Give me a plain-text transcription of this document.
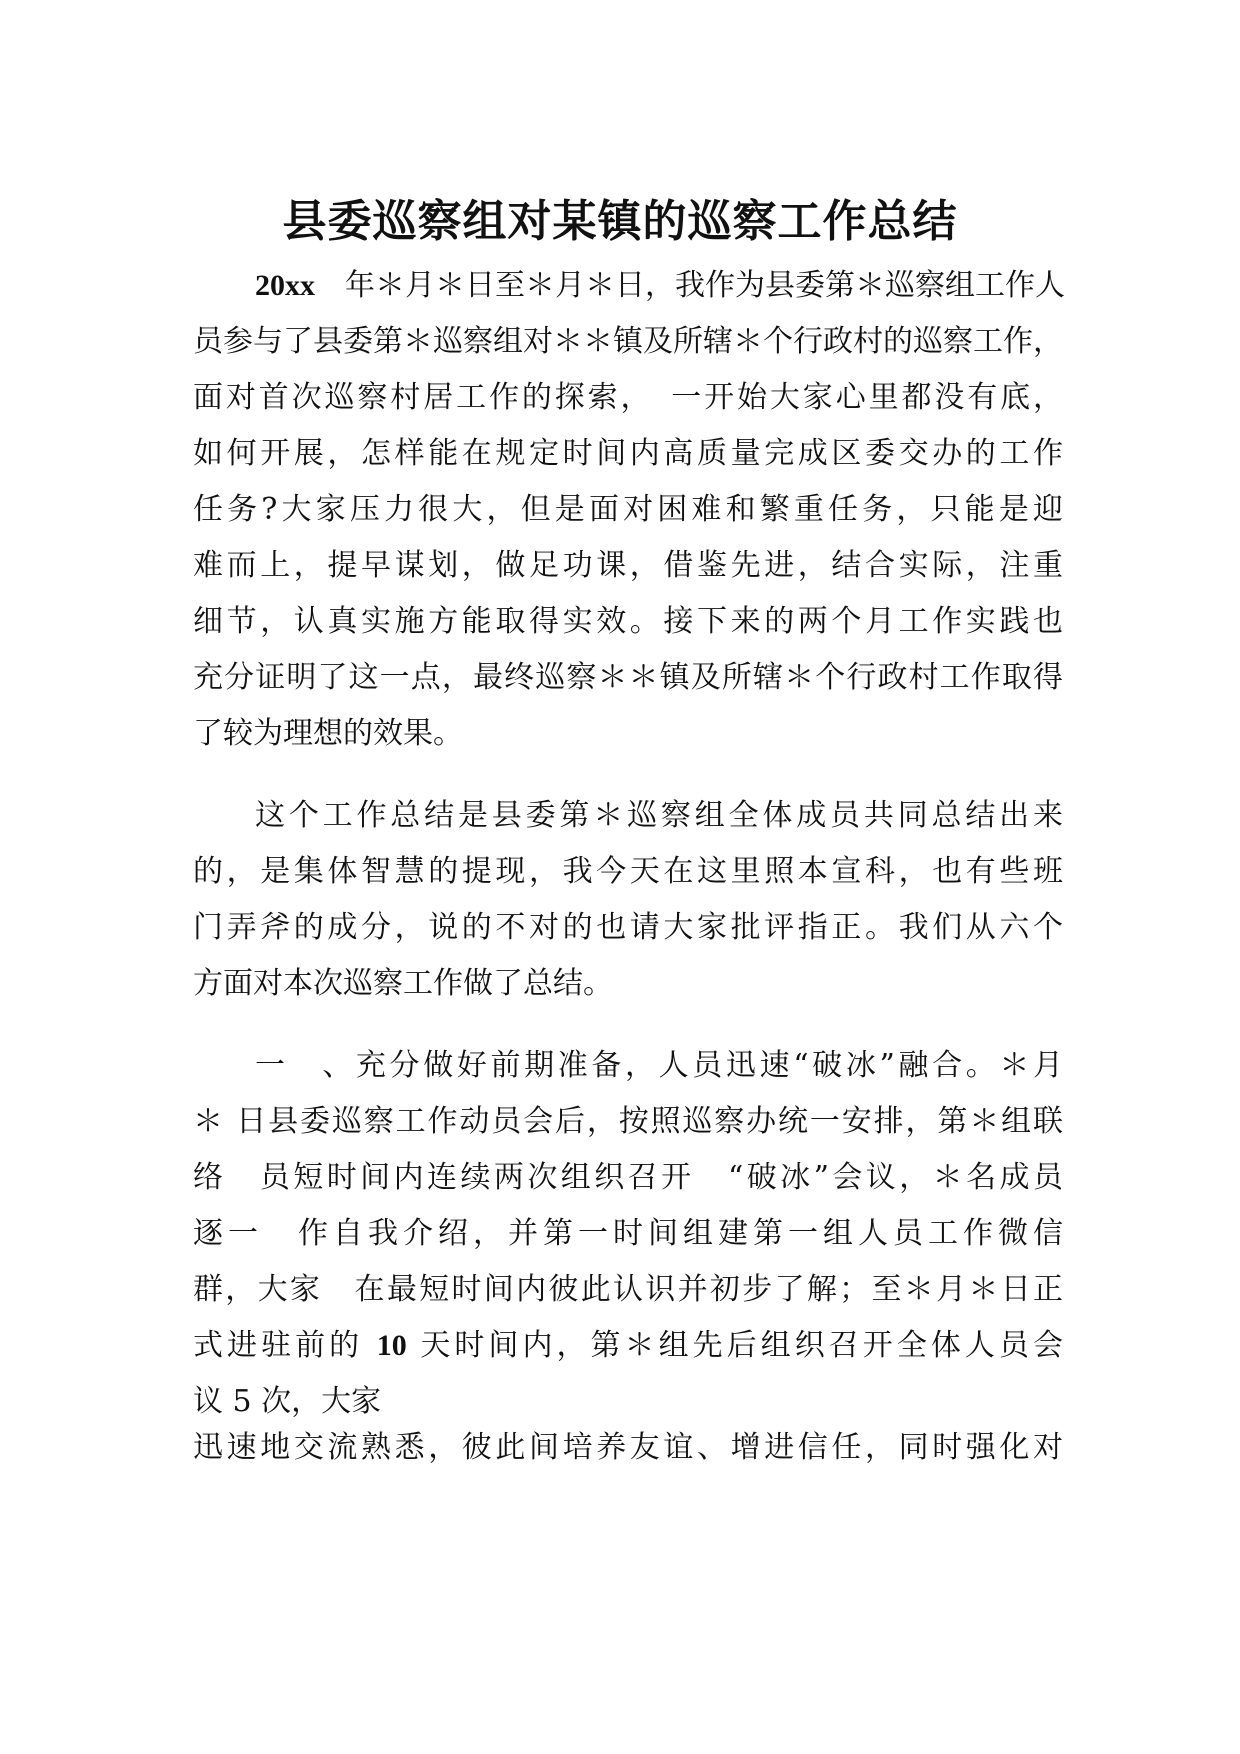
县委巡察组对某镇的巡察工作总结
20xx　年＊月＊日至＊月＊日，我作为县委第＊巡察组工作人
员参与了县委第＊巡察组对＊＊镇及所辖＊个行政村的巡察工作，
面对首次巡察村居工作的探索，　一开始大家心里都没有底，
如何开展，怎样能在规定时间内高质量完成区委交办的工作
任务?大家压力很大，但是面对困难和繁重任务，只能是迎
难而上，提早谋划，做足功课，借鉴先进，结合实际，注重
细节，认真实施方能取得实效。接下来的两个月工作实践也
充分证明了这一点，最终巡察＊＊镇及所辖＊个行政村工作取得
了较为理想的效果。
这个工作总结是县委第＊巡察组全体成员共同总结出来
的，是集体智慧的提现，我今天在这里照本宣科，也有些班
门弄斧的成分，说的不对的也请大家批评指正。我们从六个
方面对本次巡察工作做了总结。
一　、充分做好前期准备，人员迅速“破冰”融合。＊月
＊ 日县委巡察工作动员会后，按照巡察办统一安排，第＊组联
络　员短时间内连续两次组织召开　“破冰”会议，＊名成员
逐一　作自我介绍，并第一时间组建第一组人员工作微信
群，大家　在最短时间内彼此认识并初步了解；至＊月＊日正
式进驻前的 10 天时间内，第＊组先后组织召开全体人员会
议 5 次，大家
迅速地交流熟悉，彼此间培养友谊、增进信任，同时强化对
